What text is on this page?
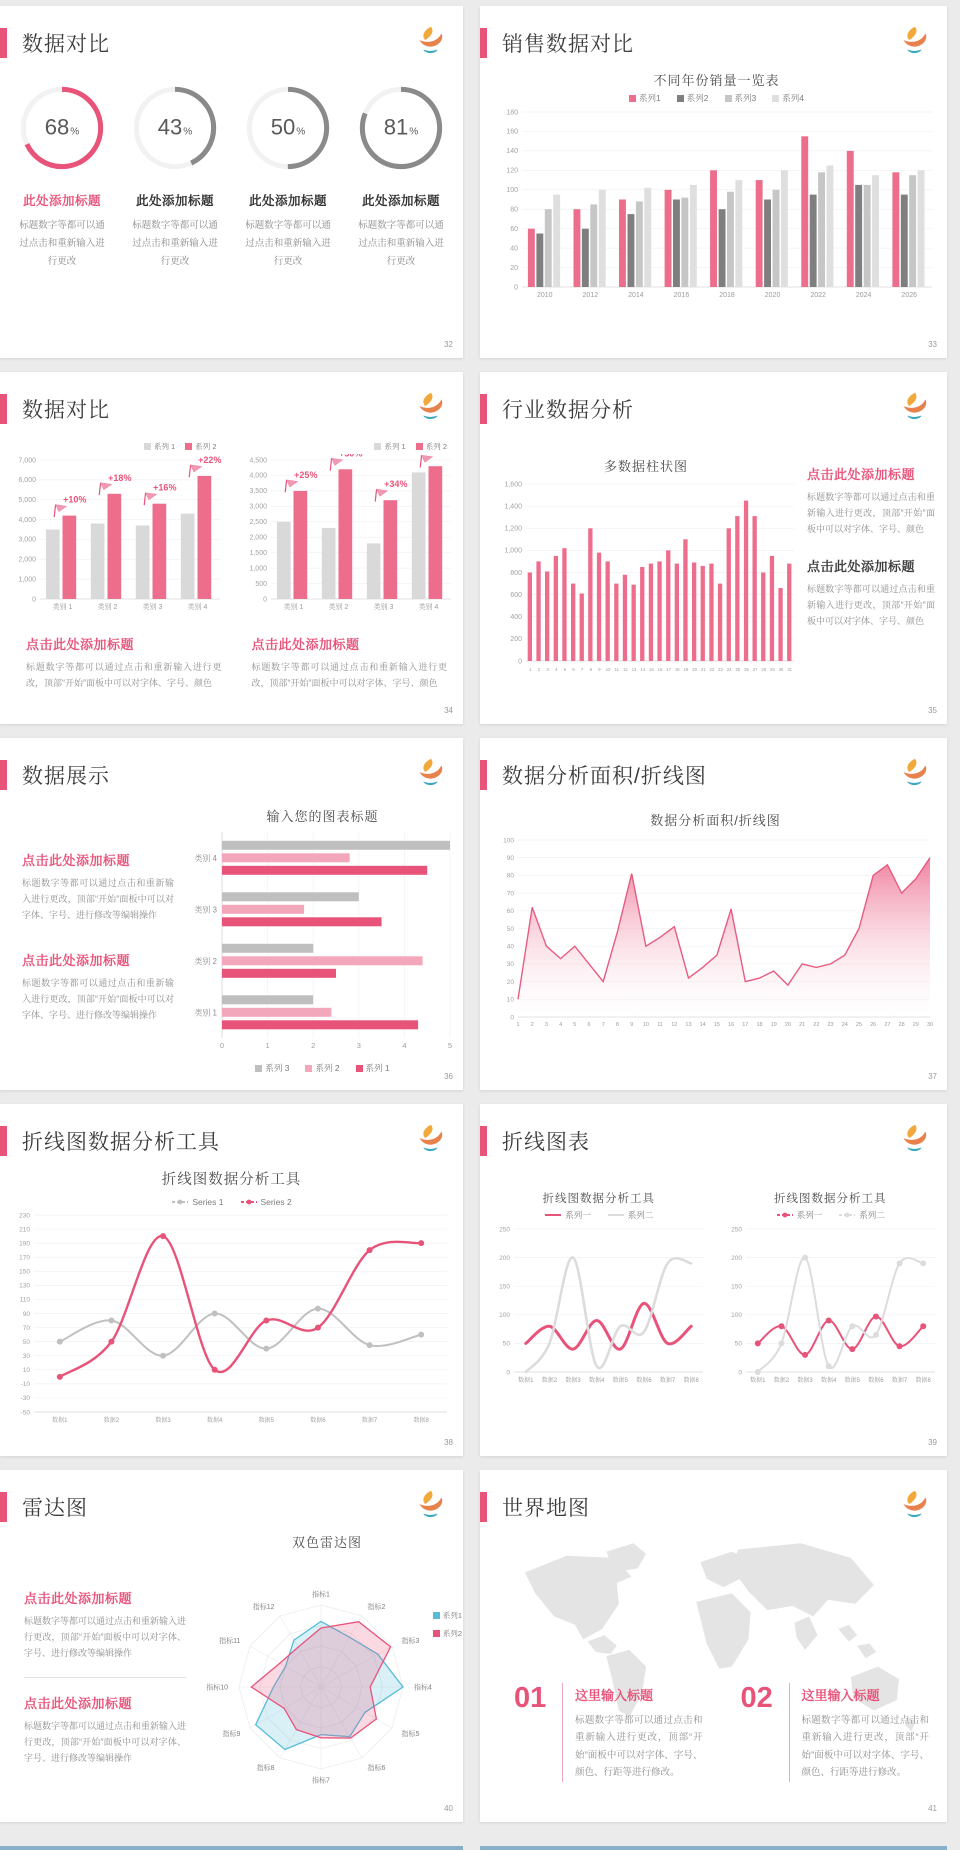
数据对比
68%
此处添加标题
标题数字等都可以通
过点击和重新输入进
行更改
43%
此处添加标题
标题数字等都可以通
过点击和重新输入进
行更改
50%
此处添加标题
标题数字等都可以通
过点击和重新输入进
行更改
81%
此处添加标题
标题数字等都可以通
过点击和重新输入进
行更改
32
销售数据对比
不同年份销量一览表
系列1	系列2	系列3	系列4
0
20
40
60
80
100
120
140
160
180
2010	2012	2014	2016	2018	2020	2022	2024	2026
33
数据对比
系列 1	系列 2
0
1,000
2,000
3,000
4,000
5,000
6,000
7,000
类别 1	类别 2	类别 3	类别 4
+10%
+18%
+16%
+22%
系列 1	系列 2
0
500
1,000
1,500
2,000
2,500
3,000
3,500
4,000
4,500
类别 1	类别 2	类别 3	类别 4
+25%
+34%
点击此处添加标题

标题数字等都可以通过点击和重新输入进行更改，顶部“开始”面板中可以对字体、字号、颜色

点击此处添加标题

标题数字等都可以通过点击和重新输入进行更改，顶部“开始”面板中可以对字体、字号、颜色

34
行业数据分析
多数据柱状图
0
200
400
600
800
1,000
1,200
1,400
1,600
1 2 3 4 5 6 7 8 9 10 11 12 13 14 15 16 17 18 19 20 21 22 23 24 25 26 27 28 29 30 31
点击此处添加标题

标题数字等都可以通过点击和重新输入进行更改，顶部“开始”面板中可以对字体、字号、颜色

点击此处添加标题

标题数字等都可以通过点击和重新输入进行更改，顶部“开始”面板中可以对字体、字号、颜色

35
数据展示
点击此处添加标题

标题数字等都可以通过点击和重新输入进行更改，顶部“开始”面板中可以对字体、字号、进行修改等编辑操作

点击此处添加标题

标题数字等都可以通过点击和重新输入进行更改，顶部“开始”面板中可以对字体、字号、进行修改等编辑操作

输入您的图表标题
0	1	2	3	4	5
类别 4
类别 3
类别 2
类别 1
系列 3	系列 2	系列 1
36
数据分析面积/折线图
数据分析面积/折线图
0
10
20
30
40
50
60
70
80
90
100
1 2 3 4 5 6 7 8 9 10 11 12 13 14 15 16 17 18 19 20 21 22 23 24 25 26 27 28 29 30
37
折线图数据分析工具
折线图数据分析工具
Series 1	Series 2
-50
-30
-10
10
30
50
70
90
110
130
150
170
190
210
230
数据1	数据2	数据3	数据4	数据5	数据6	数据7	数据8
38
折线图表
折线图数据分析工具
系列一	系列二
0
50
100
150
200
250
数据1 数据2 数据3 数据4 数据5 数据6 数据7 数据8
折线图数据分析工具
系列一	系列二
0
50
100
150
200
250
数据1 数据2 数据3 数据4 数据5 数据6 数据7 数据8
39
雷达图
点击此处添加标题

标题数字等都可以通过点击和重新输入进行更改，顶部“开始”面板中可以对字体、字号、进行修改等编辑操作

点击此处添加标题

标题数字等都可以通过点击和重新输入进行更改，顶部“开始”面板中可以对字体、字号、进行修改等编辑操作

双色雷达图
系列1
系列2
指标1
指标2
指标3
指标4
指标5
指标6
指标7
指标8
指标9
指标10
指标11
指标12
40
世界地图
01	这里输入标题

标题数字等都可以通过点击和重新输入进行更改，顶部“开始”面板中可以对字体、字号、颜色、行距等进行修改。

02	这里输入标题

标题数字等都可以通过点击和重新输入进行更改，顶部“开始”面板中可以对字体、字号、颜色、行距等进行修改。

41
